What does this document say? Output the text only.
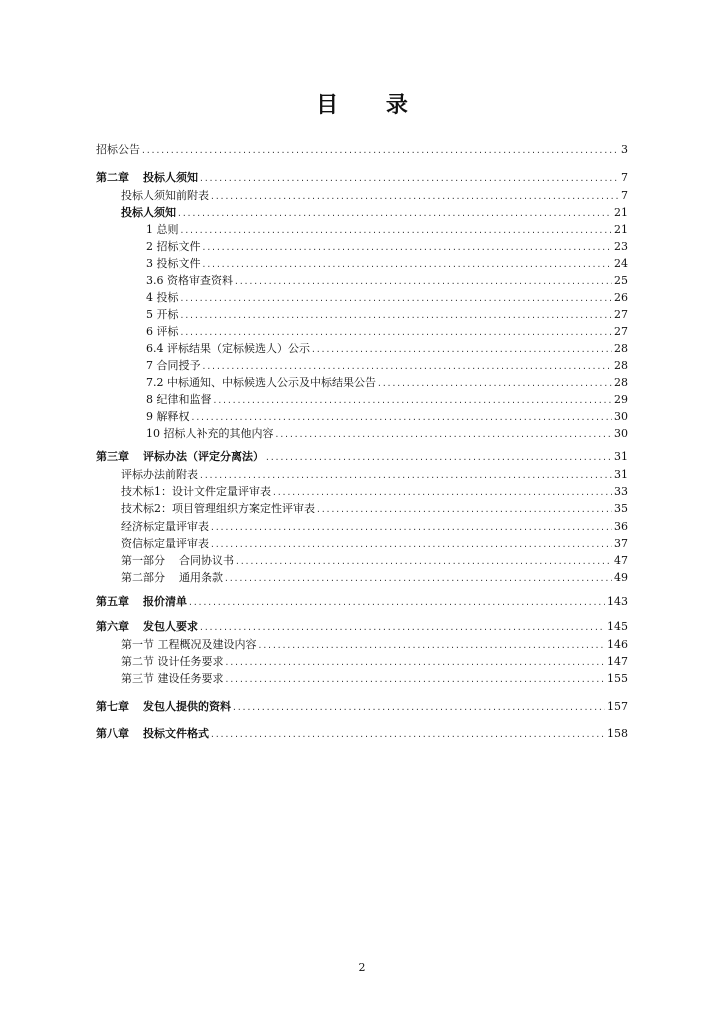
目 录
招标公告 .....	3
第二章 投标人须知 .....	7
投标人须知前附表 .....	7
投标人须知 .....	21
1 总则 .....	21
2 招标文件 .....	23
3 投标文件 .....	24
3.6 资格审查资料 .....	25
4 投标 .....	26
5 开标 .....	27
6 评标 .....	27
6.4 评标结果（定标候选人）公示 .....	28
7 合同授予 .....	28
7.2 中标通知、中标候选人公示及中标结果公告 .....	28
8 纪律和监督 .....	29
9 解释权 .....	30
10 招标人补充的其他内容 .....	30
第三章 评标办法（评定分离法） .....	31
评标办法前附表 .....	31
技术标1：设计文件定量评审表 .....	33
技术标2：项目管理组织方案定性评审表 .....	35
经济标定量评审表 .....	36
资信标定量评审表 .....	37
第一部分 合同协议书 .....	47
第二部分 通用条款 .....	49
第五章 报价清单 .....	143
第六章 发包人要求 .....	145
第一节 工程概况及建设内容 .....	146
第二节 设计任务要求 .....	147
第三节 建设任务要求 .....	155
第七章 发包人提供的资料 .....	157
第八章 投标文件格式 .....	158
2
